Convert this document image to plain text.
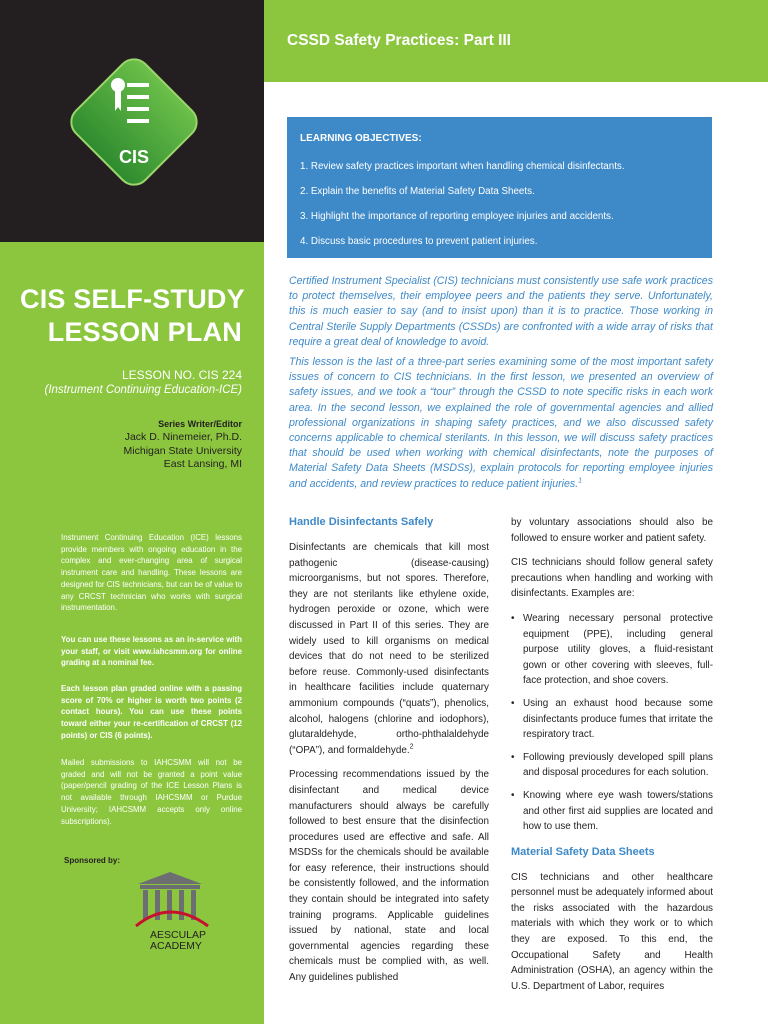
CIS
CIS SELF-STUDY
LESSON PLAN
LESSON NO. CIS 224
(Instrument Continuing Education-ICE)
Series Writer/Editor
Jack D. Ninemeier, Ph.D.
Michigan State University
East Lansing, MI
Instrument Continuing Education (ICE) lessons provide members with ongoing education in the complex and ever-changing area of surgical instrument care and handling. These lessons are designed for CIS technicians, but can be of value to any CRCST technician who works with surgical instrumentation.
You can use these lessons as an in-service with your staff, or visit www.iahcsmm.org for online grading at a nominal fee.
Each lesson plan graded online with a passing score of 70% or higher is worth two points (2 contact hours). You can use these points toward either your re-certification of CRCST (12 points) or CIS (6 points).
Mailed submissions to IAHCSMM will not be graded and will not be granted a point value (paper/pencil grading of the ICE Lesson Plans is not available through IAHCSMM or Purdue University; IAHCSMM accepts only online subscriptions).
Sponsored by:
AESCULAP
ACADEMY
CSSD Safety Practices: Part III
LEARNING OBJECTIVES:
1. Review safety practices important when handling chemical disinfectants.
2. Explain the benefits of Material Safety Data Sheets.
3. Highlight the importance of reporting employee injuries and accidents.
4. Discuss basic procedures to prevent patient injuries.
Certified Instrument Specialist (CIS) technicians must consistently use safe work practices to protect themselves, their employee peers and the patients they serve. Unfortunately, this is much easier to say (and to insist upon) than it is to practice. Those working in Central Sterile Supply Departments (CSSDs) are confronted with a wide array of risks that require a great deal of knowledge to avoid.
This lesson is the last of a three-part series examining some of the most important safety issues of concern to CIS technicians. In the first lesson, we presented an overview of safety issues, and we took a “tour” through the CSSD to note specific risks in each work area. In the second lesson, we explained the role of governmental agencies and allied professional organizations in shaping safety practices, and we also discussed safety concerns applicable to chemical sterilants. In this lesson, we will discuss safety practices that should be used when working with chemical disinfectants, note the purposes of Material Safety Data Sheets (MSDSs), explain protocols for reporting employee injuries and accidents, and review practices to reduce patient injuries.$^1$
Handle Disinfectants Safely
Disinfectants are chemicals that kill most pathogenic (disease-causing) microorganisms, but not spores. Therefore, they are not sterilants like ethylene oxide, hydrogen peroxide or ozone, which were discussed in Part II of this series. They are widely used to kill organisms on medical devices that do not need to be sterilized before reuse. Commonly-used disinfectants in healthcare facilities include quaternary ammonium compounds (“quats”), phenolics, alcohol, halogens (chlorine and iodophors), glutaraldehyde, ortho-phthalaldehyde (“OPA”), and formaldehyde.$^2$
Processing recommendations issued by the disinfectant and medical device manufacturers should always be carefully followed to best ensure that the disinfection procedures used are effective and safe. All MSDSs for the chemicals should be available for easy reference, their instructions should be consistently followed, and the information they contain should be integrated into safety training programs. Applicable guidelines issued by national, state and local governmental agencies regarding these chemicals must be complied with, as well. Any guidelines published
by voluntary associations should also be followed to ensure worker and patient safety.
CIS technicians should follow general safety precautions when handling and working with disinfectants. Examples are:
• Wearing necessary personal protective equipment (PPE), including general purpose utility gloves, a fluid-resistant gown or other covering with sleeves, full-face protection, and shoe covers.
• Using an exhaust hood because some disinfectants produce fumes that irritate the respiratory tract.
• Following previously developed spill plans and disposal procedures for each solution.
• Knowing where eye wash towers/stations and other first aid supplies are located and how to use them.
Material Safety Data Sheets
CIS technicians and other healthcare personnel must be adequately informed about the risks associated with the hazardous materials with which they work or to which they are exposed. To this end, the Occupational Safety and Health Administration (OSHA), an agency within the U.S. Department of Labor, requires
